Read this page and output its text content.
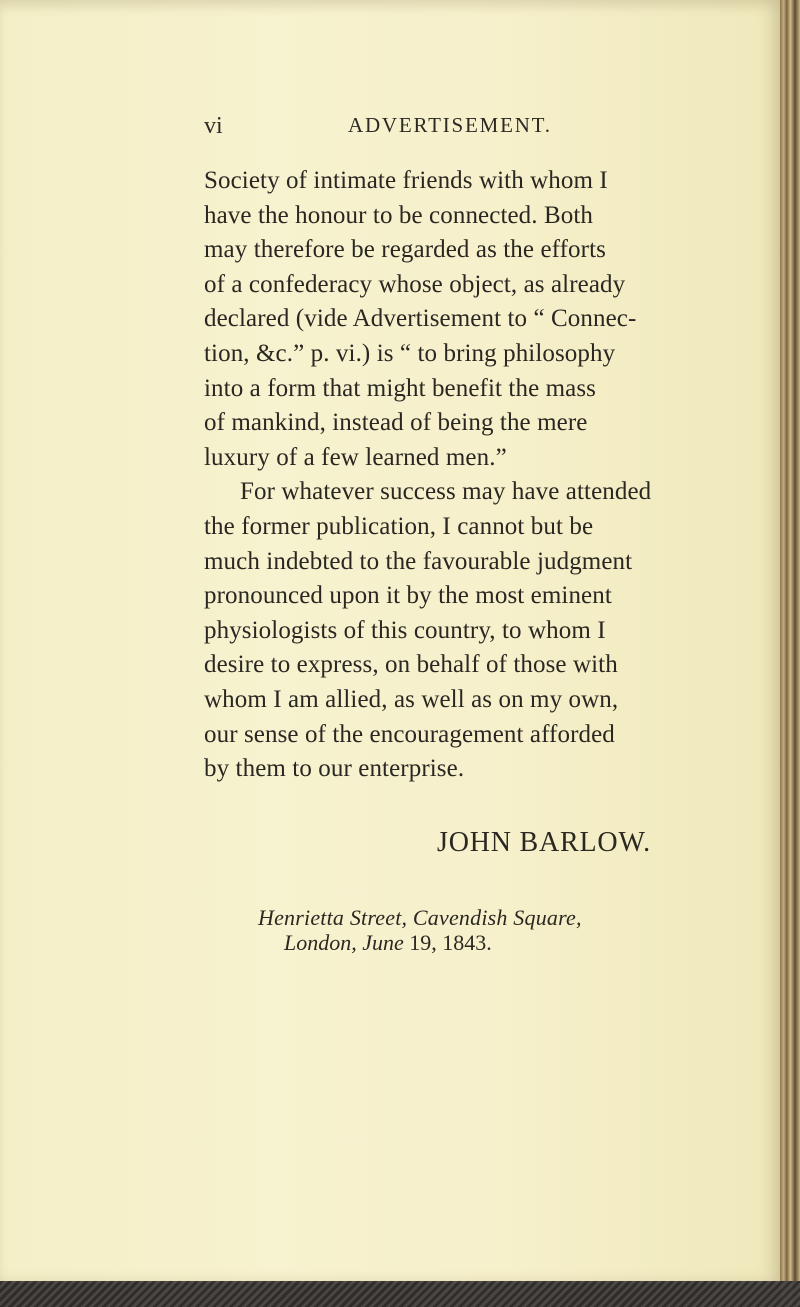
vi	ADVERTISEMENT.
Society of intimate friends with whom I
have the honour to be connected. Both
may therefore be regarded as the efforts
of a confederacy whose object, as already
declared (vide Advertisement to “ Connec-
tion, &c.” p. vi.) is “ to bring philosophy
into a form that might benefit the mass
of mankind, instead of being the mere
luxury of a few learned men.”
For whatever success may have attended
the former publication, I cannot but be
much indebted to the favourable judgment
pronounced upon it by the most eminent
physiologists of this country, to whom I
desire to express, on behalf of those with
whom I am allied, as well as on my own,
our sense of the encouragement afforded
by them to our enterprise.
JOHN BARLOW.
Henrietta Street, Cavendish Square,
London, June 19, 1843.
